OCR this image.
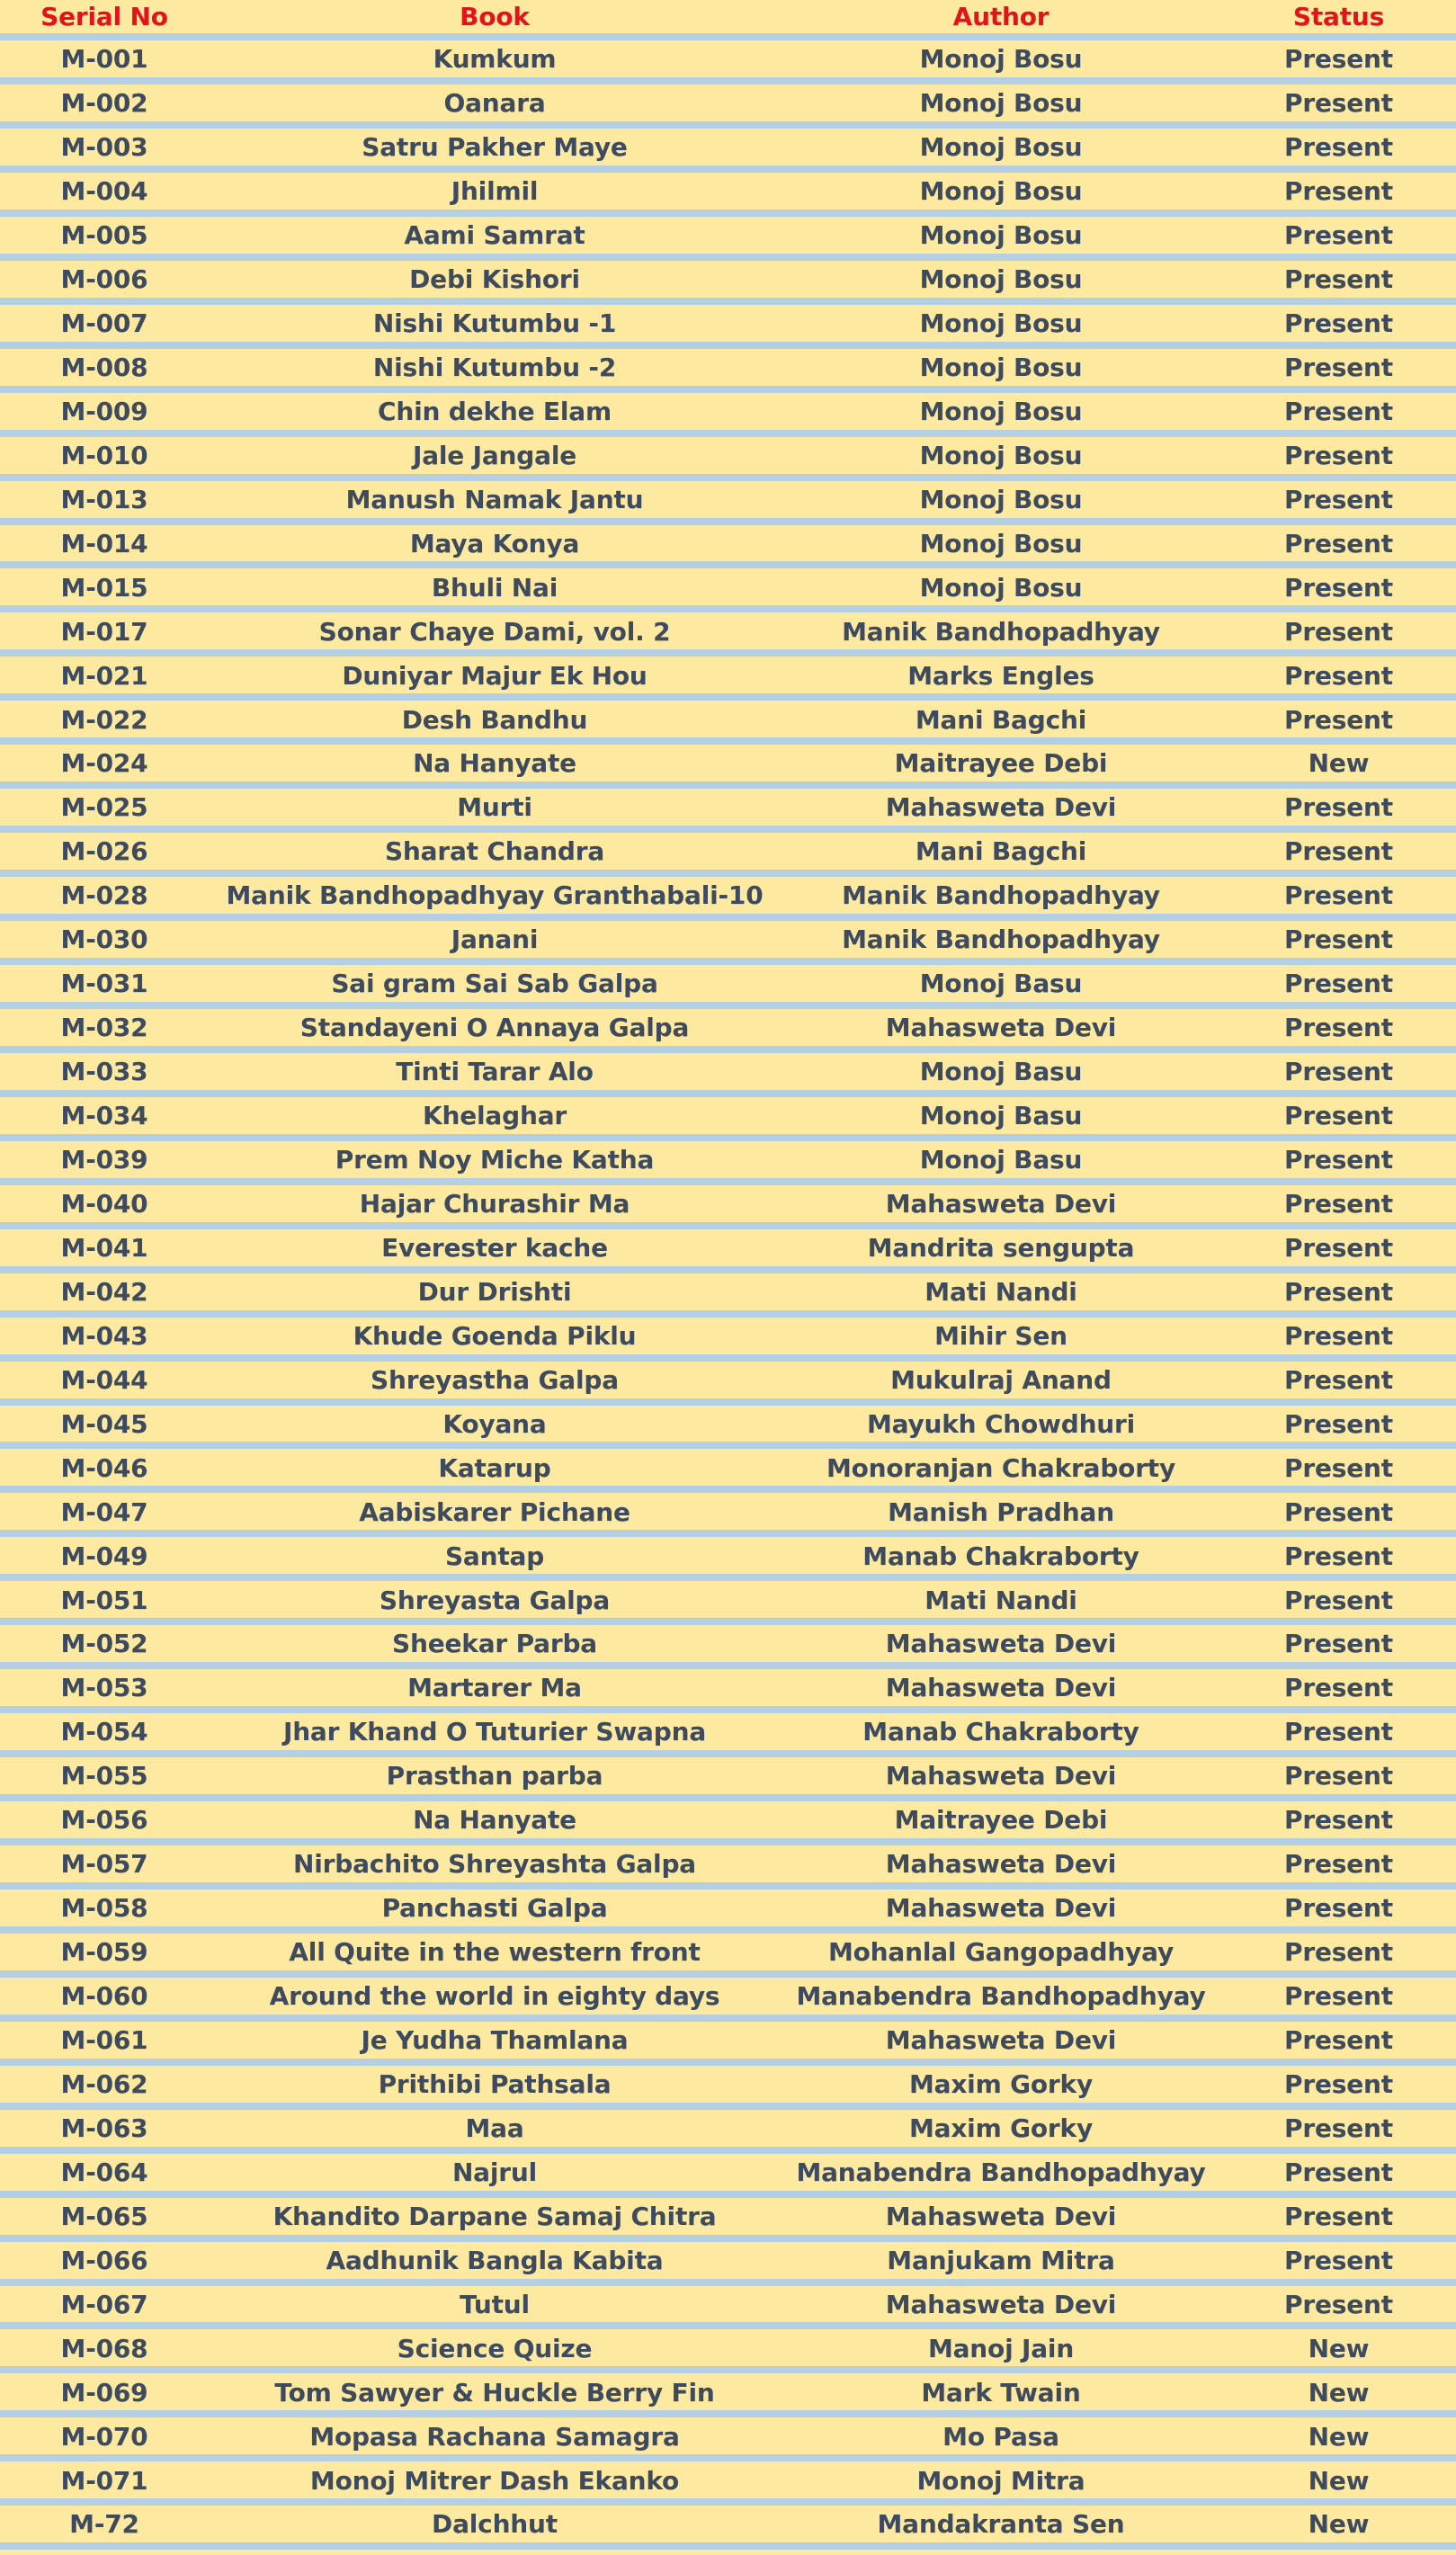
Serial No	Book	Author	Status
M-001	Kumkum	Monoj Bosu	Present
M-002	Oanara	Monoj Bosu	Present
M-003	Satru Pakher Maye	Monoj Bosu	Present
M-004	Jhilmil	Monoj Bosu	Present
M-005	Aami Samrat	Monoj Bosu	Present
M-006	Debi Kishori	Monoj Bosu	Present
M-007	Nishi Kutumbu -1	Monoj Bosu	Present
M-008	Nishi Kutumbu -2	Monoj Bosu	Present
M-009	Chin dekhe Elam	Monoj Bosu	Present
M-010	Jale Jangale	Monoj Bosu	Present
M-013	Manush Namak Jantu	Monoj Bosu	Present
M-014	Maya Konya	Monoj Bosu	Present
M-015	Bhuli Nai	Monoj Bosu	Present
M-017	Sonar Chaye Dami, vol. 2	Manik Bandhopadhyay	Present
M-021	Duniyar Majur Ek Hou	Marks Engles	Present
M-022	Desh Bandhu	Mani Bagchi	Present
M-024	Na Hanyate	Maitrayee Debi	New
M-025	Murti	Mahasweta Devi	Present
M-026	Sharat Chandra	Mani Bagchi	Present
M-028	Manik Bandhopadhyay Granthabali-10	Manik Bandhopadhyay	Present
M-030	Janani	Manik Bandhopadhyay	Present
M-031	Sai gram Sai Sab Galpa	Monoj Basu	Present
M-032	Standayeni O Annaya Galpa	Mahasweta Devi	Present
M-033	Tinti Tarar Alo	Monoj Basu	Present
M-034	Khelaghar	Monoj Basu	Present
M-039	Prem Noy Miche Katha	Monoj Basu	Present
M-040	Hajar Churashir Ma	Mahasweta Devi	Present
M-041	Everester kache	Mandrita sengupta	Present
M-042	Dur Drishti	Mati Nandi	Present
M-043	Khude Goenda Piklu	Mihir Sen	Present
M-044	Shreyastha Galpa	Mukulraj Anand	Present
M-045	Koyana	Mayukh Chowdhuri	Present
M-046	Katarup	Monoranjan Chakraborty	Present
M-047	Aabiskarer Pichane	Manish Pradhan	Present
M-049	Santap	Manab Chakraborty	Present
M-051	Shreyasta Galpa	Mati Nandi	Present
M-052	Sheekar Parba	Mahasweta Devi	Present
M-053	Martarer Ma	Mahasweta Devi	Present
M-054	Jhar Khand O Tuturier Swapna	Manab Chakraborty	Present
M-055	Prasthan parba	Mahasweta Devi	Present
M-056	Na Hanyate	Maitrayee Debi	Present
M-057	Nirbachito Shreyashta Galpa	Mahasweta Devi	Present
M-058	Panchasti Galpa	Mahasweta Devi	Present
M-059	All Quite in the western front	Mohanlal Gangopadhyay	Present
M-060	Around the world in eighty days	Manabendra Bandhopadhyay	Present
M-061	Je Yudha Thamlana	Mahasweta Devi	Present
M-062	Prithibi Pathsala	Maxim Gorky	Present
M-063	Maa	Maxim Gorky	Present
M-064	Najrul	Manabendra Bandhopadhyay	Present
M-065	Khandito Darpane Samaj Chitra	Mahasweta Devi	Present
M-066	Aadhunik Bangla Kabita	Manjukam Mitra	Present
M-067	Tutul	Mahasweta Devi	Present
M-068	Science Quize	Manoj Jain	New
M-069	Tom Sawyer & Huckle Berry Fin	Mark Twain	New
M-070	Mopasa Rachana Samagra	Mo Pasa	New
M-071	Monoj Mitrer Dash Ekanko	Monoj Mitra	New
M-72	Dalchhut	Mandakranta Sen	New
